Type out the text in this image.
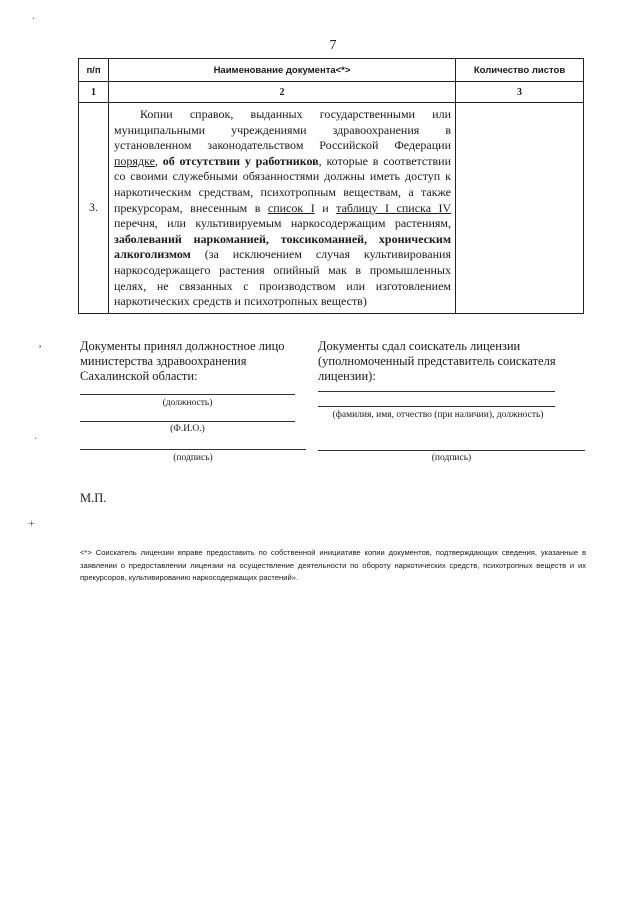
7
п/п	Наименование документа<*>	Количество листов
1	2	3
3.	Копии справок, выданных государственными или муниципальными учреждениями здравоохранения в установленном законодательством Российской Федерации порядке, об отсутствии у работников, которые в соответствии со своими служебными обязанностями должны иметь доступ к наркотическим средствам, психотропным веществам, а также прекурсорам, внесенным в список I и таблицу I списка IV перечня, или культивируемым наркосодержащим растениям, заболеваний наркоманией, токсикоманией, хроническим алкоголизмом (за исключением случая культивирования наркосодержащего растения опийный мак в промышленных целях, не связанных с производством или изготовлением наркотических средств и психотропных веществ)	
Документы принял должностное лицо министерства здравоохранения Сахалинской области:
(должность)
(Ф.И.О.)
(подпись)
Документы сдал соискатель лицензии (уполномоченный представитель соискателя лицензии):
(фамилия, имя, отчество (при наличии), должность)
(подпись)
М.П.
<*> Соискатель лицензии вправе предоставить по собственной инициативе копии документов, подтверждающих сведения, указанные в заявлении о предоставлении лицензии на осуществление деятельности по обороту наркотических средств, психотропных веществ и их прекурсоров, культивированию наркосодержащих растений».
·
¸
·
+
